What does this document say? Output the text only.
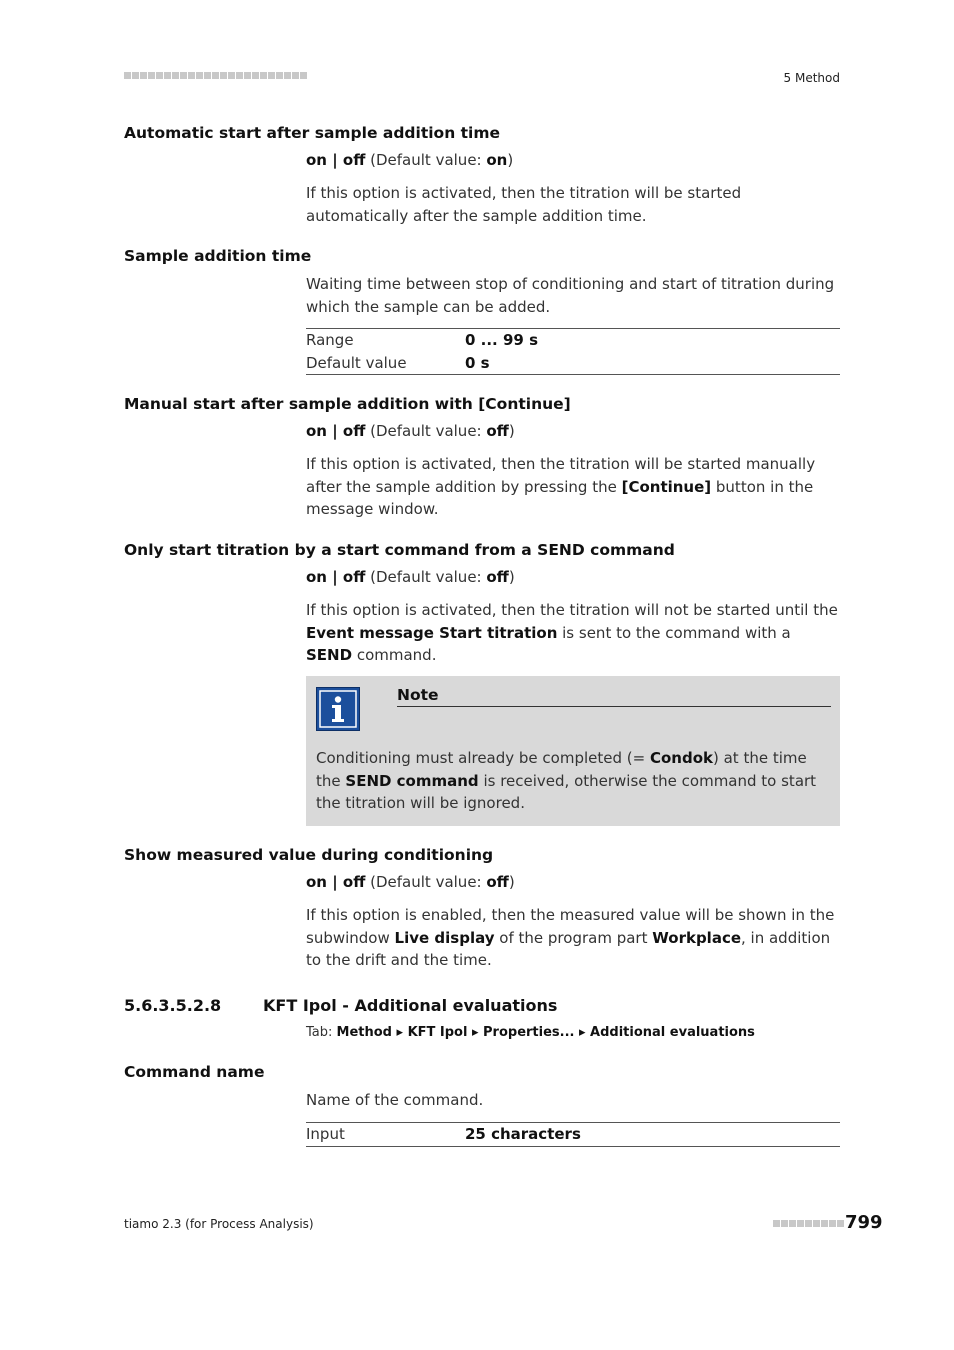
5 Method
Automatic start after sample addition time
on | off (Default value: on)
If this option is activated, then the titration will be started automatically after the sample addition time.
Sample addition time
Waiting time between stop of conditioning and start of titration during which the sample can be added.
Range	0 ... 99 s
Default value	0 s
Manual start after sample addition with [Continue]
on | off (Default value: off)
If this option is activated, then the titration will be started manually after the sample addition by pressing the [Continue] button in the message window.
Only start titration by a start command from a SEND command
on | off (Default value: off)
If this option is activated, then the titration will not be started until the Event message Start titration is sent to the command with a SEND command.
Note
Conditioning must already be completed (= Condok) at the time the SEND command is received, otherwise the command to start the titration will be ignored.
Show measured value during conditioning
on | off (Default value: off)
If this option is enabled, then the measured value will be shown in the subwindow Live display of the program part Workplace, in addition to the drift and the time.
5.6.3.5.2.8	KFT Ipol - Additional evaluations
Tab: Method ▸ KFT Ipol ▸ Properties... ▸ Additional evaluations
Command name
Name of the command.
Input	25 characters
tiamo 2.3 (for Process Analysis)	799
